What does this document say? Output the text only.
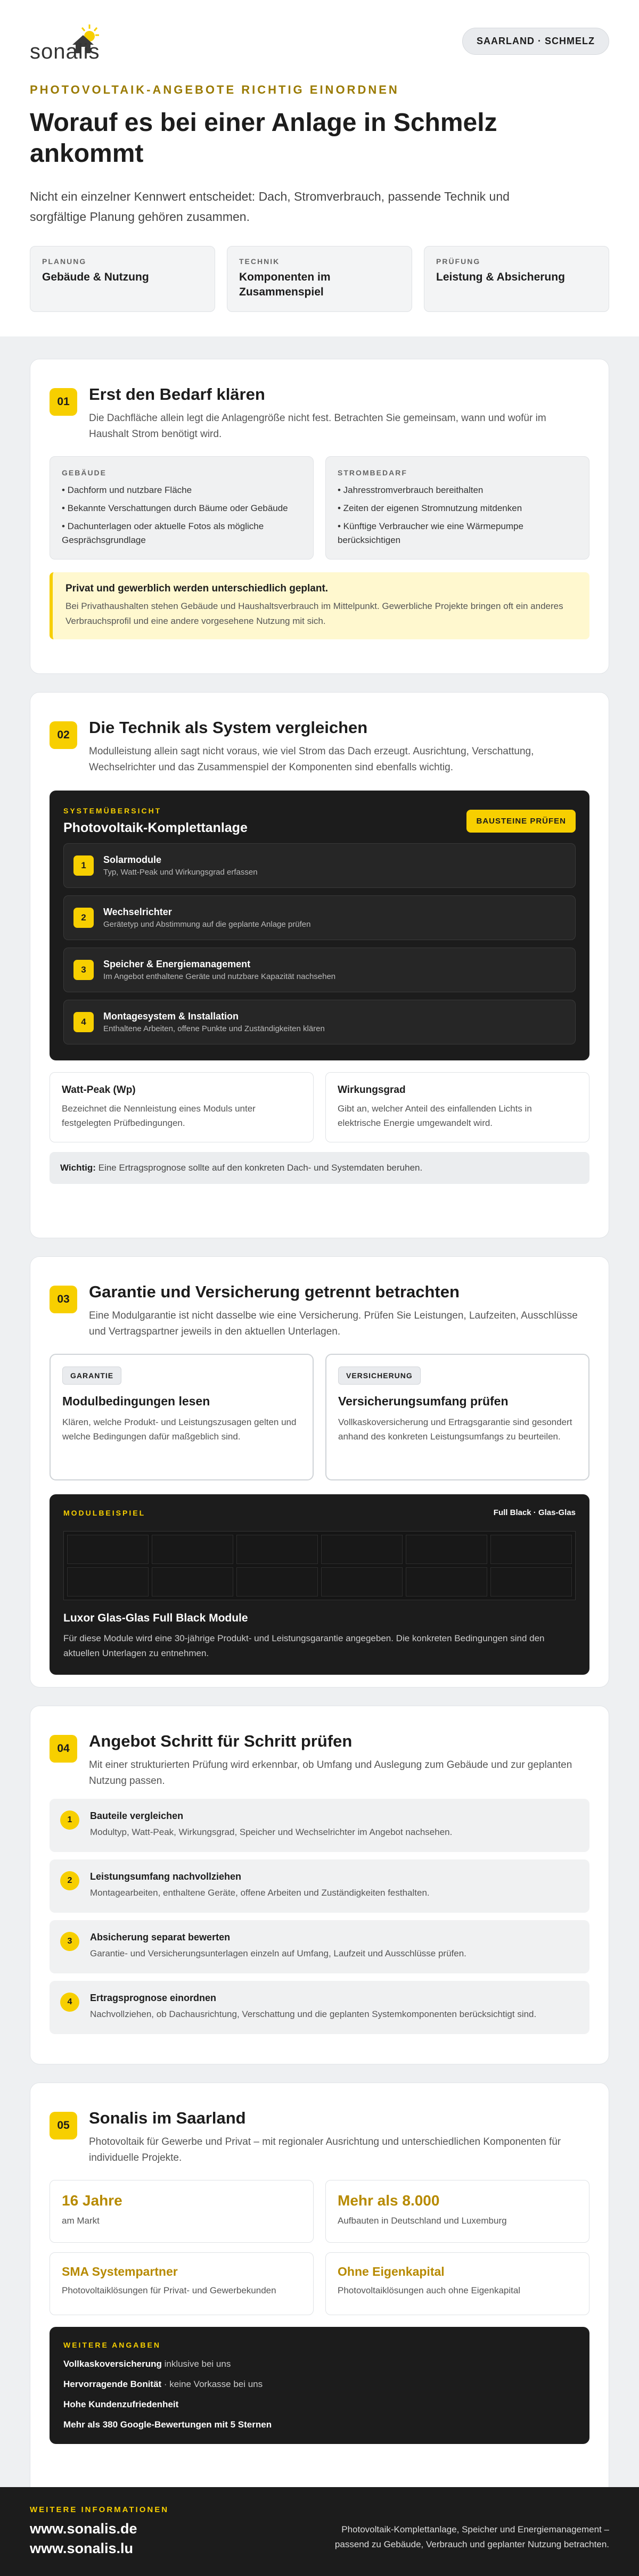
sonalis	SAARLAND · SCHMELZ
PHOTOVOLTAIK-ANGEBOTE RICHTIG EINORDNEN
Worauf es bei einer Anlage in Schmelz ankommt

Nicht ein einzelner Kennwert entscheidet: Dach, Stromverbrauch, passende Technik und sorgfältige Planung gehören zusammen.

PLANUNG
Gebäude & Nutzung
TECHNIK
Komponenten im Zusammenspiel
PRÜFUNG
Leistung & Absicherung
01	Erst den Bedarf klären
Die Dachfläche allein legt die Anlagengröße nicht fest. Betrachten Sie gemeinsam, wann und wofür im Haushalt Strom benötigt wird.
GEBÄUDE
• Dachform und nutzbare Fläche
• Bekannte Verschattungen durch Bäume oder Gebäude
• Dachunterlagen oder aktuelle Fotos als mögliche Gesprächsgrundlage
STROMBEDARF
• Jahresstromverbrauch bereithalten
• Zeiten der eigenen Stromnutzung mitdenken
• Künftige Verbraucher wie eine Wärmepumpe berücksichtigen
Privat und gewerblich werden unterschiedlich geplant.
Bei Privathaushalten stehen Gebäude und Haushaltsverbrauch im Mittelpunkt. Gewerbliche Projekte bringen oft ein anderes Verbrauchsprofil und eine andere vorgesehene Nutzung mit sich.
02	Die Technik als System vergleichen
Modulleistung allein sagt nicht voraus, wie viel Strom das Dach erzeugt. Ausrichtung, Verschattung, Wechselrichter und das Zusammenspiel der Komponenten sind ebenfalls wichtig.
SYSTEMÜBERSICHT
Photovoltaik-Komplettanlage	BAUSTEINE PRÜFEN
1
Solarmodule
Typ, Watt-Peak und Wirkungsgrad erfassen
2
Wechselrichter
Gerätetyp und Abstimmung auf die geplante Anlage prüfen
3
Speicher & Energiemanagement
Im Angebot enthaltene Geräte und nutzbare Kapazität nachsehen
4
Montagesystem & Installation
Enthaltene Arbeiten, offene Punkte und Zuständigkeiten klären
Watt-Peak (Wp)
Bezeichnet die Nennleistung eines Moduls unter festgelegten Prüfbedingungen.
Wirkungsgrad
Gibt an, welcher Anteil des einfallenden Lichts in elektrische Energie umgewandelt wird.
Wichtig: Eine Ertragsprognose sollte auf den konkreten Dach- und Systemdaten beruhen.
03	Garantie und Versicherung getrennt betrachten
Eine Modulgarantie ist nicht dasselbe wie eine Versicherung. Prüfen Sie Leistungen, Laufzeiten, Ausschlüsse und Vertragspartner jeweils in den aktuellen Unterlagen.
GARANTIE
Modulbedingungen lesen
Klären, welche Produkt- und Leistungszusagen gelten und welche Bedingungen dafür maßgeblich sind.
VERSICHERUNG
Versicherungsumfang prüfen
Vollkaskoversicherung und Ertragsgarantie sind gesondert anhand des konkreten Leistungsumfangs zu beurteilen.
MODULBEISPIEL	Full Black · Glas-Glas
Luxor Glas-Glas Full Black Module
Für diese Module wird eine 30-jährige Produkt- und Leistungsgarantie angegeben. Die konkreten Bedingungen sind den aktuellen Unterlagen zu entnehmen.
04	Angebot Schritt für Schritt prüfen
Mit einer strukturierten Prüfung wird erkennbar, ob Umfang und Auslegung zum Gebäude und zur geplanten Nutzung passen.
1	Bauteile vergleichen
Modultyp, Watt-Peak, Wirkungsgrad, Speicher und Wechselrichter im Angebot nachsehen.
2	Leistungsumfang nachvollziehen
Montagearbeiten, enthaltene Geräte, offene Arbeiten und Zuständigkeiten festhalten.
3	Absicherung separat bewerten
Garantie- und Versicherungsunterlagen einzeln auf Umfang, Laufzeit und Ausschlüsse prüfen.
4	Ertragsprognose einordnen
Nachvollziehen, ob Dachausrichtung, Verschattung und die geplanten Systemkomponenten berücksichtigt sind.
05	Sonalis im Saarland
Photovoltaik für Gewerbe und Privat – mit regionaler Ausrichtung und unterschiedlichen Komponenten für individuelle Projekte.
16 Jahre
am Markt
Mehr als 8.000
Aufbauten in Deutschland und Luxemburg
SMA Systempartner
Photovoltaiklösungen für Privat- und Gewerbekunden
Ohne Eigenkapital
Photovoltaiklösungen auch ohne Eigenkapital
WEITERE ANGABEN

Vollkaskoversicherung inklusive bei uns

Hervorragende Bonität · keine Vorkasse bei uns

Hohe Kundenzufriedenheit

Mehr als 380 Google-Bewertungen mit 5 Sternen

WEITERE INFORMATIONEN
www.sonalis.de
www.sonalis.lu
Photovoltaik-Komplettanlage, Speicher und Energiemanagement – passend zu Gebäude, Verbrauch und geplanter Nutzung betrachten.
